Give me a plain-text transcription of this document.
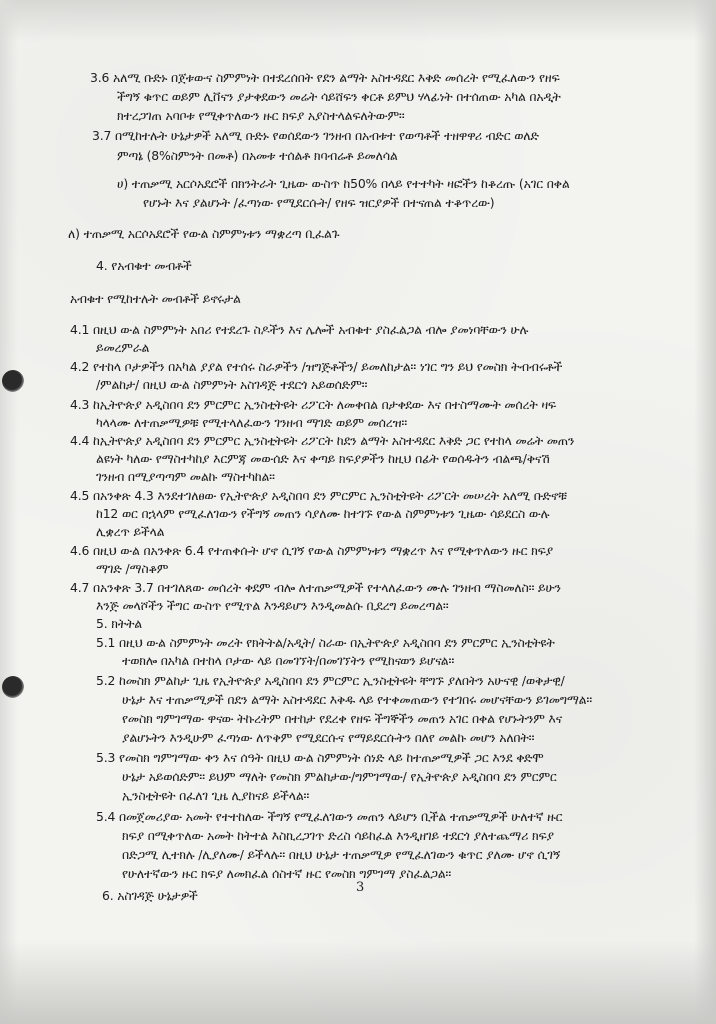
3.6 አለሚ ቡድኑ በጀቱውና ስምምነት በተደረሰበት የደን ልማት አስተዳደር እቅድ መሰረት የሚፈለውን የዘፍ
ችግኝ ቁጥር ወይም ሊቨናን ያታቀደውን መሬት ሳይሸፍን ቀርቶ ይምህ ሃላፊነት በተሰጠው አካል በአዲት
ክተረጋገጠ አባቦቱ የሚቀጥለውን ዙር ክፍያ አያስተላልፍለትውም።
3.7 በሚከተሉት ሁኔታዎች አለሚ ቡድኑ የወሰደውን ገንዘብ በአብቱተ የወጣቶች ተዘዋዋሪ ብድር ወለድ
ምጣኔ (8%ስምንት በመቶ) በአመቱ ተሰልቶ ክባብሬቶ ይመለሳል
ሀ) ተጠቃሚ አርሶአደሮች በክንትራት ጊዜው ውስጥ ከ50% በላይ የተተካት ዛፎችን ከቆረጡ (አገር በቀል
የሆኑት እና ያልሆኑት /ፈጣነው የሚደርሱት/ የዘፍ ዝርያዎች በተናጠል ተቆጥረው)
ለ) ተጠቃሚ አርሶአደሮች የውል ስምምነቱን ማቋረጣ ቢፈልጉ
4. የአብቁተ መብቶች
አብቁተ የሚከተሉት መብቶች ይኖሩታል
4.1 በዚህ ውል ስምምነት አበሪ የተደረጉ ስዶችን እና ሌሎች አብቁተ ያስፈልጋል ብሎ ያመነባቸውን ሁሉ
ይመረምራል
4.2 የተከላ ቦታዎችን በአካል ያያል የተሰሩ ስራዎችን /ዝግጅቶችን/ ይመለከታል። ነገር ግን ይህ የመስክ ትብብሩቶች
/ምልከታ/ በዚህ ውል ስምምነት አስገዳጅ ተደርጎ አይወሰድም።
4.3 ከኢትዮጵያ አዲስበባ ደን ምርምር ኢንስቲትዩት ሪፖርት ለመቀበል በታቀደው እና በተስማሙት መሰረት ዛፍ
ካላላሙ ለተጠቃሚዎቹ የሚተላለፈውን ገንዘብ ማገድ ወይም መሰረዝ።
4.4 ከኢትዮጵያ አዲስበባ ደን ምርምር ኢንስቲትዩት ሪፖርት ከደን ልማት አስተዳደር እቅድ ጋር የተከላ መሬት መጠን
ልዩነት ካለው የማስተካከያ እርምጃ መውሰድ እና ቀጣይ ክፍያዎችን ከዚህ በፊት የወሰዱትን ብልጫ/ቅናሽ
ገንዘብ በሚያጣጣም መልኩ ማስተካከል።
4.5 በአንቀጽ 4.3 እንደተገለፀው የኢትዮጵያ አዲስበባ ደን ምርምር ኢንስቲትዩት ሪፖርት መሠረት አለሚ ቡድኖቹ
ከ12 ወር በኋላም የሚፈለገውን የችግኝ መጠን ሳያለሙ ከተገኙ የውል ስምምነቱን ጊዜው ሳይደርስ ውሉ
ሊቋረጥ ይችላል
4.6 በዚህ ውል በአንቀጽ 6.4 የተጠቀሱት ሆኖ ሲገኝ የውል ስምምነቱን ማቋረጥ እና የሚቀጥለውን ዙር ክፍያ
ማገድ /ማስቆም
4.7 በአንቀጽ 3.7 በተገለጸው መሰረት ቀደም ብሎ ለተጠቃሚዎች የተላለፈውን ሙሉ ገንዘብ ማስመለስ። ይሁን
እንጅ መላሾችን ችግር ውስጥ የሚጥል እንዳይሆን እንዲመልሱ ቢደረግ ይመረጣል።
5. ክትትል
5.1 በዚህ ውል ስምምነት መረት የክትትል/አዲት/ ስራው በኢትዮጵያ አዲስበባ ደን ምርምር ኢንስቲትዩት
ተወክሎ በአካል በተከላ ቦታው ላይ በመገኘት/በመገኘትን የሚከናወን ይሆናል።
5.2 ከመስክ ምልከታ ጊዜ የኢትዮጵያ አዲስበባ ደን ምርምር ኢንስቲትዩት ቸግኙ ያለበትን አሁናዊ /ወቅታዊ/
ሁኔታ እና ተጠቃሚዎች በደን ልማት አስተዳደር እቅዱ ላይ የተቀመጠውን የተገበሩ መሆናቸውን ይገመግማል።
የመስክ ግምገማው ዋናው ትኩረትም በተከታ የደረቀ የዘፍ ችግኞችን መጠን አገር በቀል የሆኑትንም እና
ያልሆኑትን እንዲሁም ፈጣነው ለጥቅም የሚደርሱና የማይደርሱትን በለየ መልኩ መሆን አለበት።
5.3 የመስክ ግምገማው ቀን እና ሰዓት በዚህ ውል ስምምነት ሰነድ ላይ ከተጠቃሚዎች ጋር እንደ ቀድሞ
ሁኔታ አይወሰድም። ይህም ማለት የመስክ ምልከታው/ግምገማው/ የኢትዮጵያ አዲስበባ ደን ምርምር
ኢንስቲትዩት በፈለገ ጊዜ ሊያከናይ ይችላል።
5.4 በመጀመሪያው አመት የተተከለው ችግኝ የሚፈለገውን መጠን ላይሆን ቢችል ተጠቃሚዎች ሁለተኛ ዙር
ክፍያ በሚቀጥለው አመት ከትተል እስኪረጋገጥ ድረስ ሳይከፈል እንዲዘገይ ተደርጎ ያለተጨማሪ ክፍያ
በድጋሚ ሊተክሉ /ሊያለሙ/ ይችላሉ። በዚህ ሁኔታ ተጠቃሚዎ የሚፈለገውን ቁጥር ያለሙ ሆኖ ሲገኝ
የሁለተኛውን ዙር ክፍያ ለመክፈል ሰስተኛ ዙር የመስክ ግምገማ ያስፈልጋል።
6. አስገዳጅ ሁኔታዎች
3
